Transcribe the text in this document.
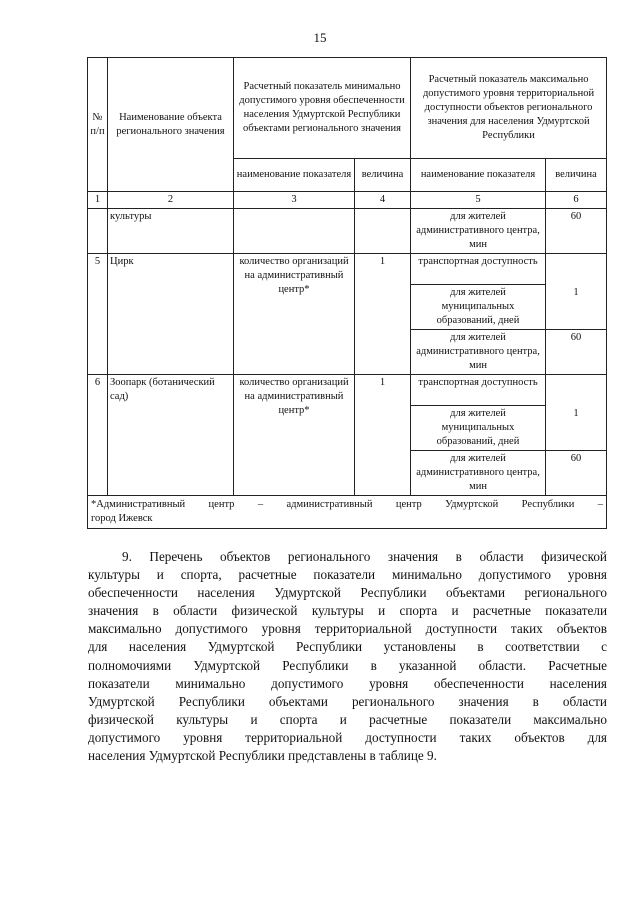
15
№ п/п	Наименование объекта регионального значения	Расчетный показатель минимально допустимого уровня обеспеченности населения Удмуртской Республики объектами регионального значения		Расчетный показатель максимально допустимого уровня территориальной доступности объектов регионального значения для населения Удмуртской Республики	
		наименование показателя	величина	наименование показателя	величина
1	2	3	4	5	6
	культуры			для жителей административного центра, мин	60
5	Цирк	количество организаций на административный центр*	1	транспортная доступность	
				для жителей муниципальных образований, дней	1
				для жителей административного центра, мин	60
6	Зоопарк (ботанический сад)	количество организаций на административный центр*	1	транспортная доступность	
				для жителей муниципальных образований, дней	1
				для жителей административного центра, мин	60

*Административный центр – административный центр Удмуртской Республики –
город Ижевск					
9. Перечень объектов регионального значения в области физической
культуры и спорта, расчетные показатели минимально допустимого уровня
обеспеченности населения Удмуртской Республики объектами регионального
значения в области физической культуры и спорта и расчетные показатели
максимально допустимого уровня территориальной доступности таких объектов
для населения Удмуртской Республики установлены в соответствии с
полномочиями Удмуртской Республики в указанной области. Расчетные
показатели минимально допустимого уровня обеспеченности населения
Удмуртской Республики объектами регионального значения в области
физической культуры и спорта и расчетные показатели максимально
допустимого уровня территориальной доступности таких объектов для
населения Удмуртской Республики представлены в таблице 9.
